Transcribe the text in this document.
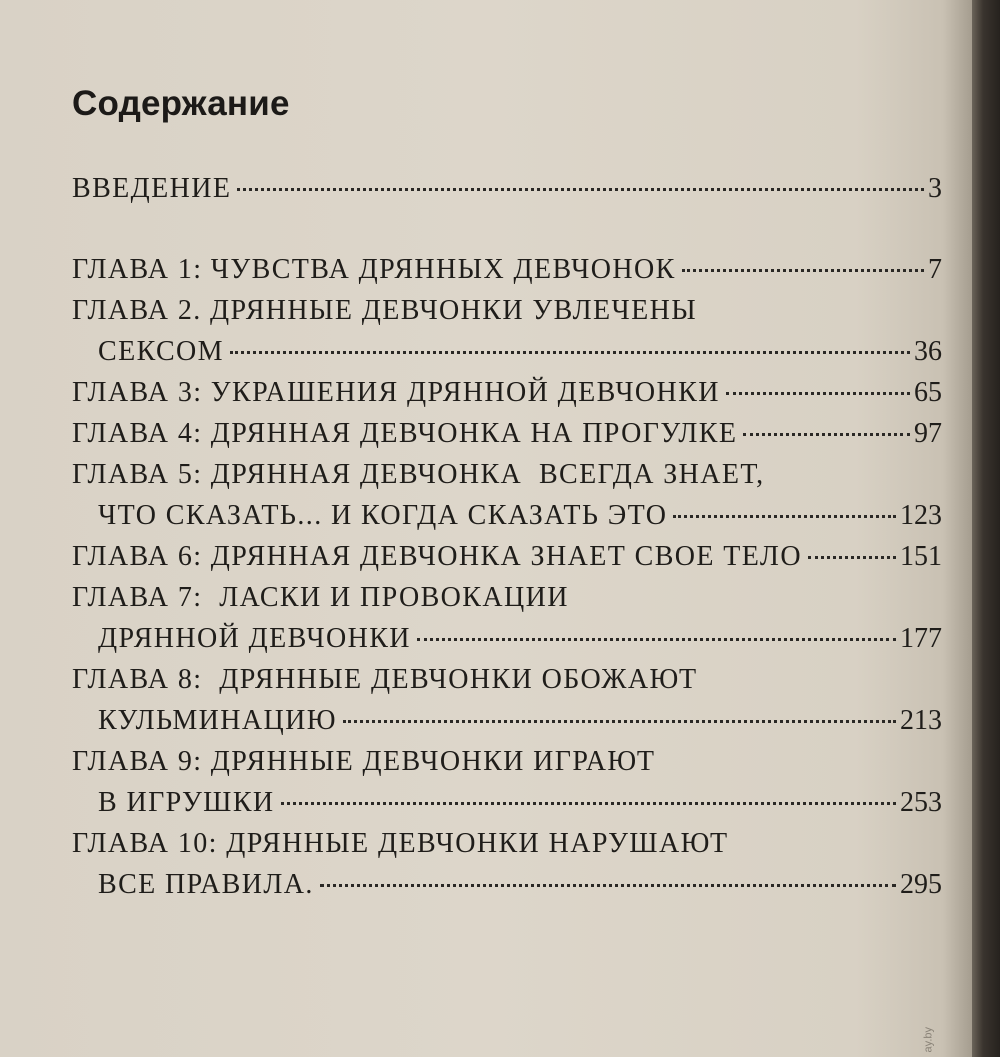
Содержание
ВВЕДЕНИЕ	3
ГЛАВА 1: ЧУВСТВА ДРЯННЫХ ДЕВЧОНОК	7
ГЛАВА 2. ДРЯННЫЕ ДЕВЧОНКИ УВЛЕЧЕНЫ
СЕКСОМ	36
ГЛАВА 3: УКРАШЕНИЯ ДРЯННОЙ ДЕВЧОНКИ	65
ГЛАВА 4: ДРЯННАЯ ДЕВЧОНКА НА ПРОГУЛКЕ	97
ГЛАВА 5: ДРЯННАЯ ДЕВЧОНКА  ВСЕГДА ЗНАЕТ,
ЧТО СКАЗАТЬ... И КОГДА СКАЗАТЬ ЭТО	123
ГЛАВА 6: ДРЯННАЯ ДЕВЧОНКА ЗНАЕТ СВОЕ ТЕЛО	151
ГЛАВА 7:  ЛАСКИ И ПРОВОКАЦИИ
ДРЯННОЙ ДЕВЧОНКИ	177
ГЛАВА 8:  ДРЯННЫЕ ДЕВЧОНКИ ОБОЖАЮТ
КУЛЬМИНАЦИЮ	213
ГЛАВА 9: ДРЯННЫЕ ДЕВЧОНКИ ИГРАЮТ
В ИГРУШКИ	253
ГЛАВА 10: ДРЯННЫЕ ДЕВЧОНКИ НАРУШАЮТ
ВСЕ ПРАВИЛА.	295
ay.by
